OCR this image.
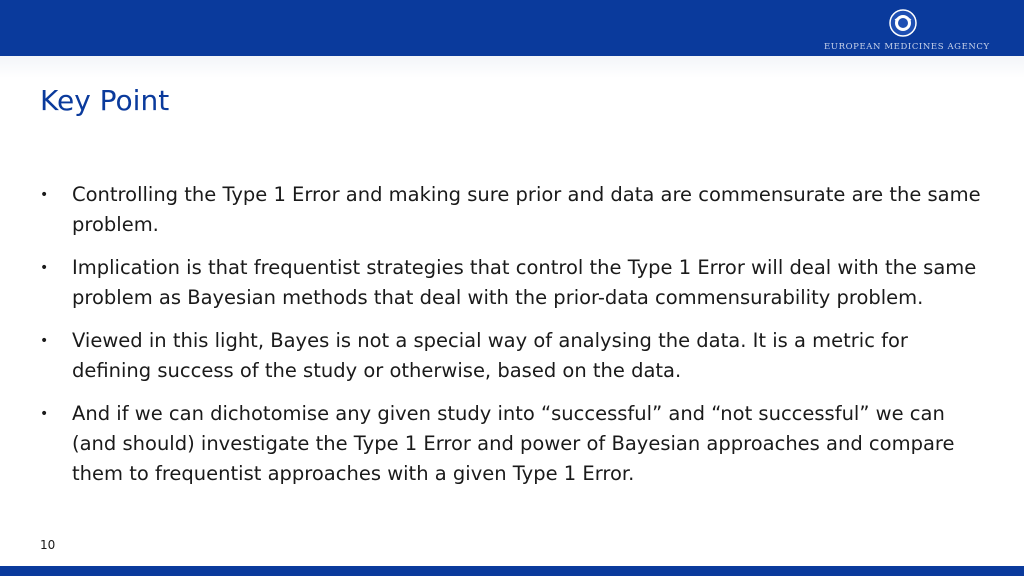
EUROPEAN MEDICINES AGENCY
Key Point
• Controlling the Type 1 Error and making sure prior and data are commensurate are the same problem.
• Implication is that frequentist strategies that control the Type 1 Error will deal with the same problem as Bayesian methods that deal with the prior-data commensurability problem.
• Viewed in this light, Bayes is not a special way of analysing the data. It is a metric for defining success of the study or otherwise, based on the data.
• And if we can dichotomise any given study into “successful” and “not successful” we can (and should) investigate the Type 1 Error and power of Bayesian approaches and compare them to frequentist approaches with a given Type 1 Error.
10
